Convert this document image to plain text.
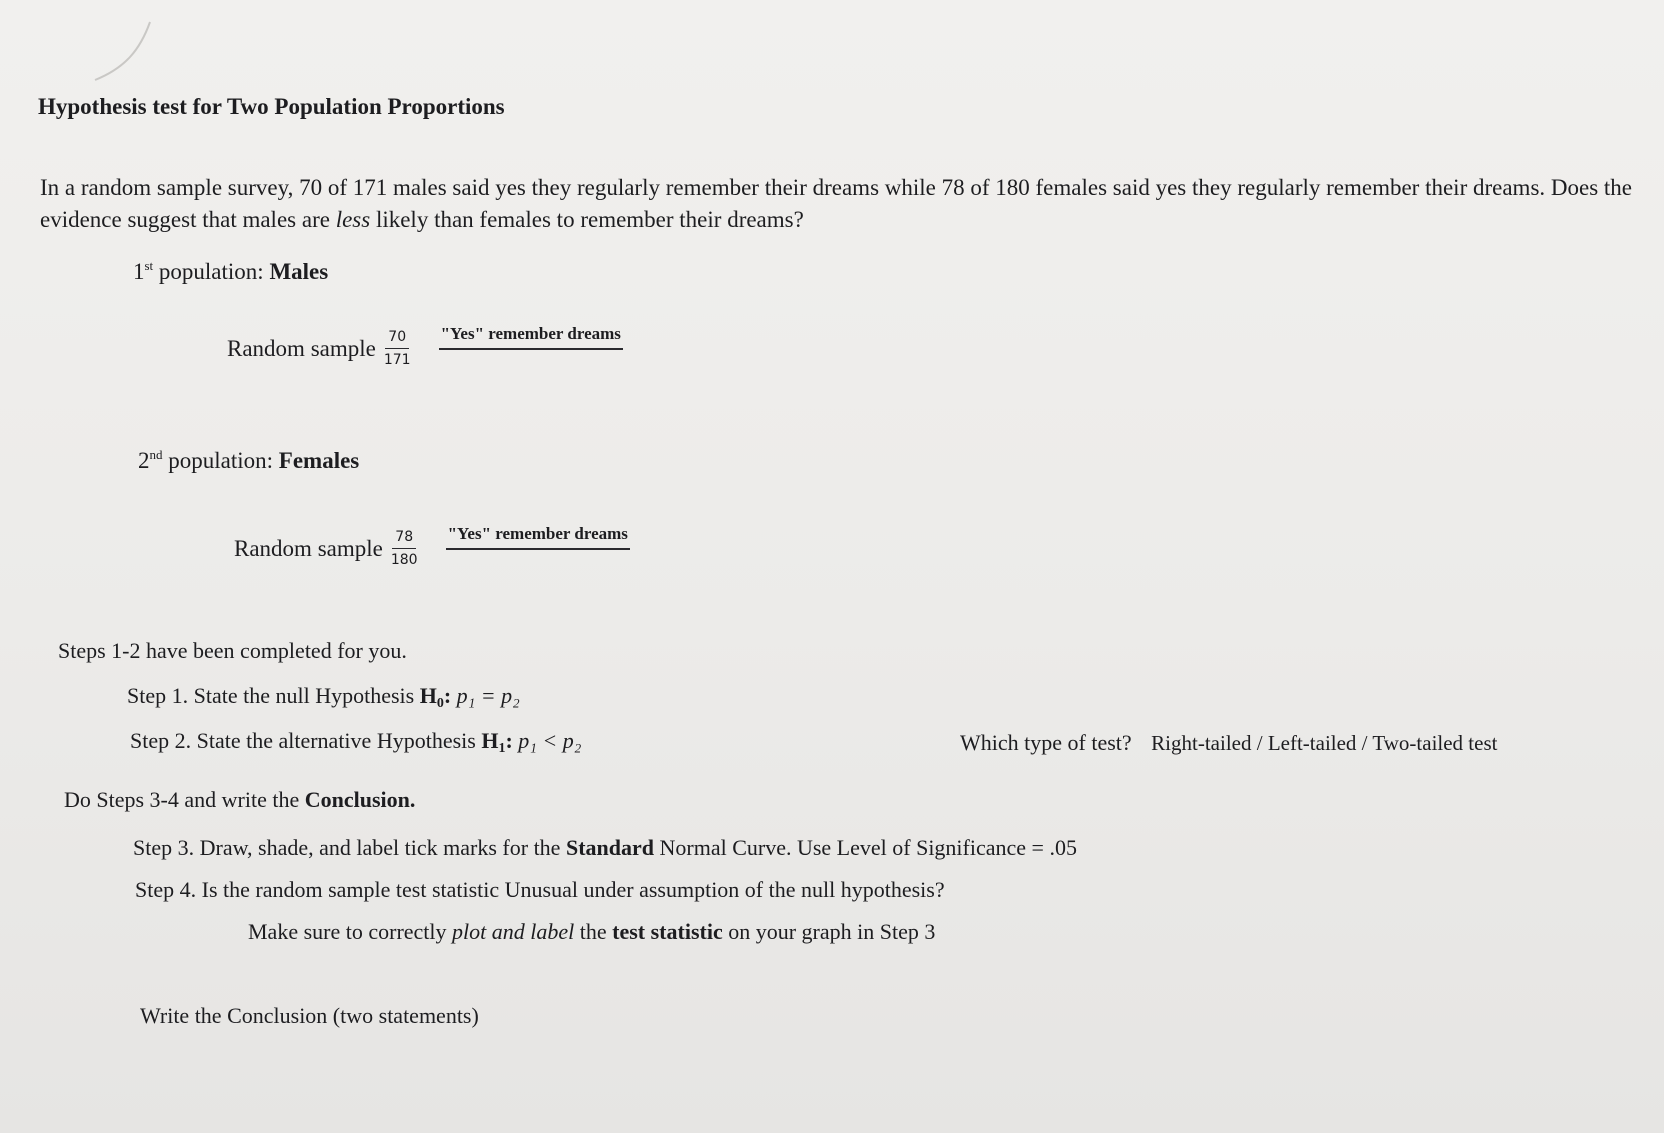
Hypothesis test for Two Population Proportions

In a random sample survey, 70 of 171 males said yes they regularly remember their dreams while 78 of 180 females said yes they regularly remember their dreams. Does the evidence suggest that males are less likely than females to remember their dreams?

1st population: Males
Random sample $\frac{70}{171}$ "Yes" remember dreams
2nd population: Females
Random sample $\frac{78}{180}$ "Yes" remember dreams
Steps 1-2 have been completed for you.
Step 1. State the null Hypothesis $H_0$: p₁ = p₂
Step 2. State the alternative Hypothesis $H_1$: p₁ < p₂	Which type of test? Right-tailed / Left-tailed / Two-tailed test
Do Steps 3-4 and write the Conclusion.
Step 3. Draw, shade, and label tick marks for the Standard Normal Curve. Use Level of Significance = .05
Step 4. Is the random sample test statistic Unusual under assumption of the null hypothesis?
Make sure to correctly plot and label the test statistic on your graph in Step 3
Write the Conclusion (two statements)
